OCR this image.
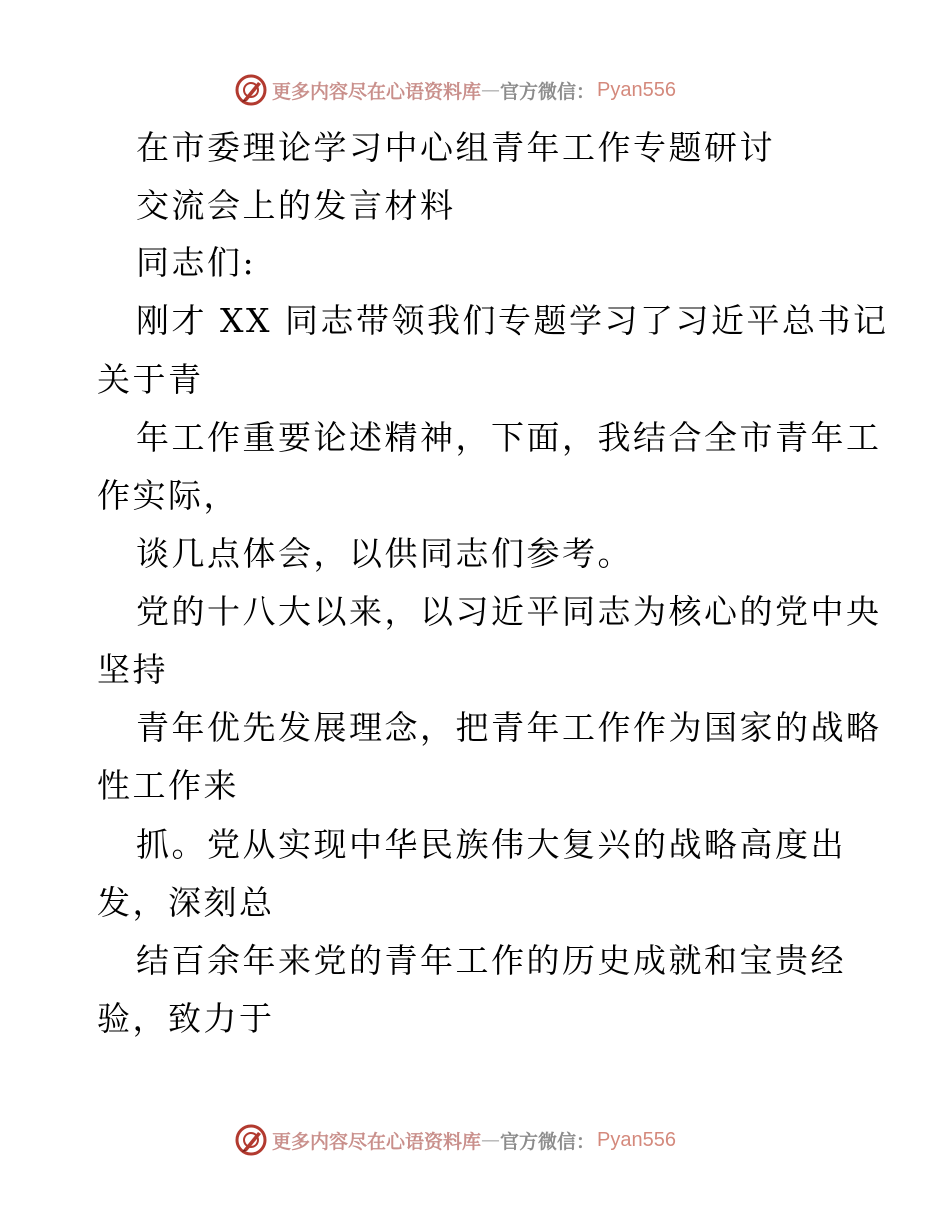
更多内容尽在心语资料库 — 官方微信： Pyan556
在市委理论学习中心组青年工作专题研讨
交流会上的发言材料
同志们:
刚才 XX 同志带领我们专题学习了习近平总书记
关于青
年工作重要论述精神，下面，我结合全市青年工
作实际，
谈几点体会，以供同志们参考。
党的十八大以来，以习近平同志为核心的党中央
坚持
青年优先发展理念，把青年工作作为国家的战略
性工作来
抓。党从实现中华民族伟大复兴的战略高度出
发，深刻总
结百余年来党的青年工作的历史成就和宝贵经
验，致力于
更多内容尽在心语资料库 — 官方微信： Pyan556
